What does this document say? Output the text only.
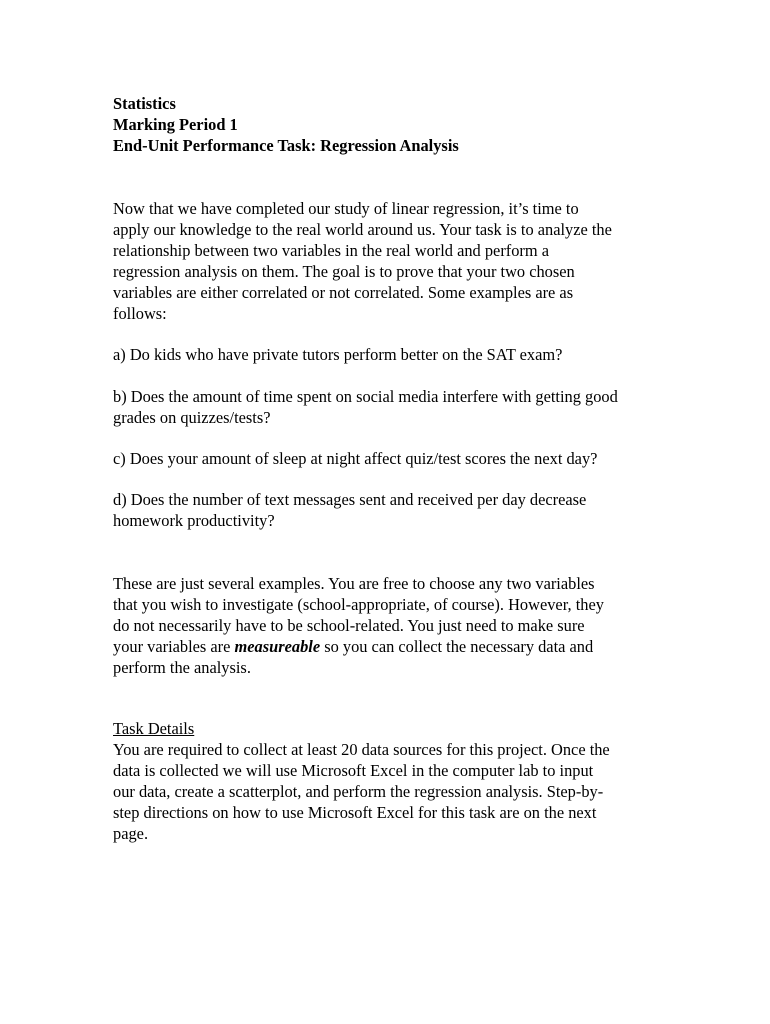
Statistics
Marking Period 1
End-Unit Performance Task: Regression Analysis
Now that we have completed our study of linear regression, it’s time to
apply our knowledge to the real world around us. Your task is to analyze the
relationship between two variables in the real world and perform a
regression analysis on them. The goal is to prove that your two chosen
variables are either correlated or not correlated. Some examples are as
follows:
a) Do kids who have private tutors perform better on the SAT exam?
b) Does the amount of time spent on social media interfere with getting good
grades on quizzes/tests?
c) Does your amount of sleep at night affect quiz/test scores the next day?
d) Does the number of text messages sent and received per day decrease
homework productivity?
These are just several examples. You are free to choose any two variables
that you wish to investigate (school-appropriate, of course). However, they
do not necessarily have to be school-related. You just need to make sure
your variables are measureable so you can collect the necessary data and
perform the analysis.
Task Details
You are required to collect at least 20 data sources for this project. Once the
data is collected we will use Microsoft Excel in the computer lab to input
our data, create a scatterplot, and perform the regression analysis. Step-by-
step directions on how to use Microsoft Excel for this task are on the next
page.
